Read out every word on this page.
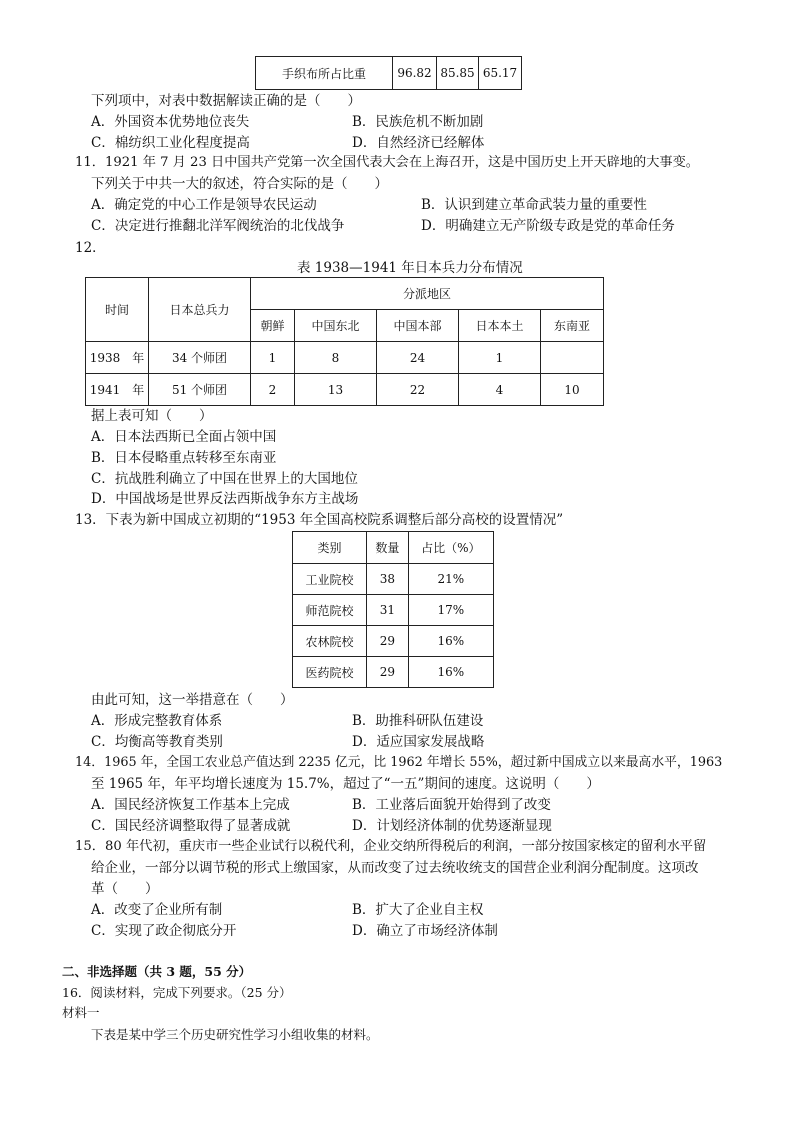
手织布所占比重	96.82	85.85	65.17
下列项中，对表中数据解读正确的是（　　）
A．外国资本优势地位丧失	B．民族危机不断加剧
C．棉纺织工业化程度提高	D．自然经济已经解体
11．1921 年 7 月 23 日中国共产党第一次全国代表大会在上海召开，这是中国历史上开天辟地的大事变。
下列关于中共一大的叙述，符合实际的是（　　）
A．确定党的中心工作是领导农民运动	B．认识到建立革命武装力量的重要性
C．决定进行推翻北洋军阀统治的北伐战争	D．明确建立无产阶级专政是党的革命任务
12．
表 1938—1941 年日本兵力分布情况
时间	日本总兵力	分派地区				
		朝鲜	中国东北	中国本部	日本本土	东南亚
1938　年	34 个师团	1	8	24	1	
1941　年	51 个师团	2	13	22	4	10
据上表可知（　　）
A．日本法西斯已全面占领中国
B．日本侵略重点转移至东南亚
C．抗战胜利确立了中国在世界上的大国地位
D．中国战场是世界反法西斯战争东方主战场
13．下表为新中国成立初期的“1953 年全国高校院系调整后部分高校的设置情况”
类别	数量	占比（%）
工业院校	38	21%
师范院校	31	17%
农林院校	29	16%
医药院校	29	16%
由此可知，这一举措意在（　　）
A．形成完整教育体系	B．助推科研队伍建设
C．均衡高等教育类别	D．适应国家发展战略
14．1965 年，全国工农业总产值达到 2235 亿元，比 1962 年增长 55%，超过新中国成立以来最高水平，1963
至 1965 年，年平均增长速度为 15.7%，超过了“一五”期间的速度。这说明（　　）
A．国民经济恢复工作基本上完成	B．工业落后面貌开始得到了改变
C．国民经济调整取得了显著成就	D．计划经济体制的优势逐渐显现
15．80 年代初，重庆市一些企业试行以税代利，企业交纳所得税后的利润，一部分按国家核定的留利水平留
给企业，一部分以调节税的形式上缴国家，从而改变了过去统收统支的国营企业利润分配制度。这项改
革（　　）
A．改变了企业所有制	B．扩大了企业自主权
C．实现了政企彻底分开	D．确立了市场经济体制
二、非选择题（共 3 题，55 分）
16．阅读材料，完成下列要求。（25 分）
材料一
下表是某中学三个历史研究性学习小组收集的材料。
